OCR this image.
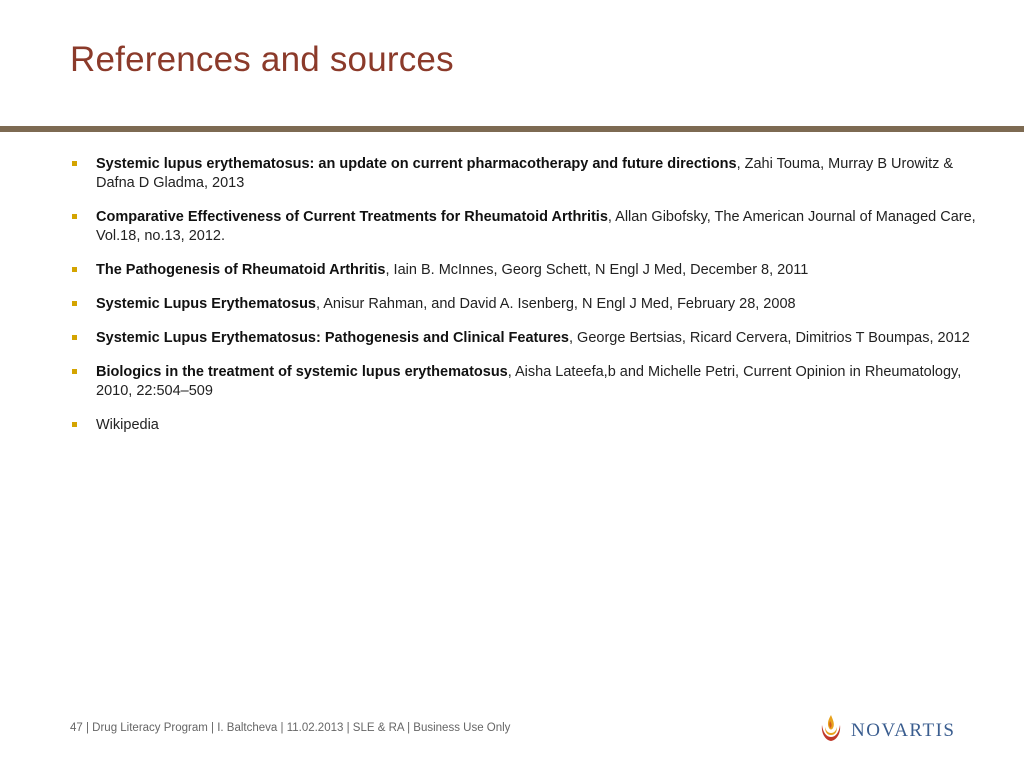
References and sources
Systemic lupus erythematosus: an update on current pharmacotherapy and future directions, Zahi Touma, Murray B Urowitz & Dafna D Gladma, 2013
Comparative Effectiveness of Current Treatments for Rheumatoid Arthritis, Allan Gibofsky, The American Journal of Managed Care, Vol.18, no.13, 2012.
The Pathogenesis of Rheumatoid Arthritis, Iain B. McInnes, Georg Schett, N Engl J Med, December 8, 2011
Systemic Lupus Erythematosus, Anisur Rahman, and David A. Isenberg, N Engl J Med, February 28, 2008
Systemic Lupus Erythematosus: Pathogenesis and Clinical Features, George Bertsias, Ricard Cervera, Dimitrios T Boumpas, 2012
Biologics in the treatment of systemic lupus erythematosus, Aisha Lateefa,b and Michelle Petri, Current Opinion in Rheumatology, 2010, 22:504–509
Wikipedia
47 | Drug Literacy Program | I. Baltcheva | 11.02.2013 | SLE & RA | Business Use Only	NOVARTIS
